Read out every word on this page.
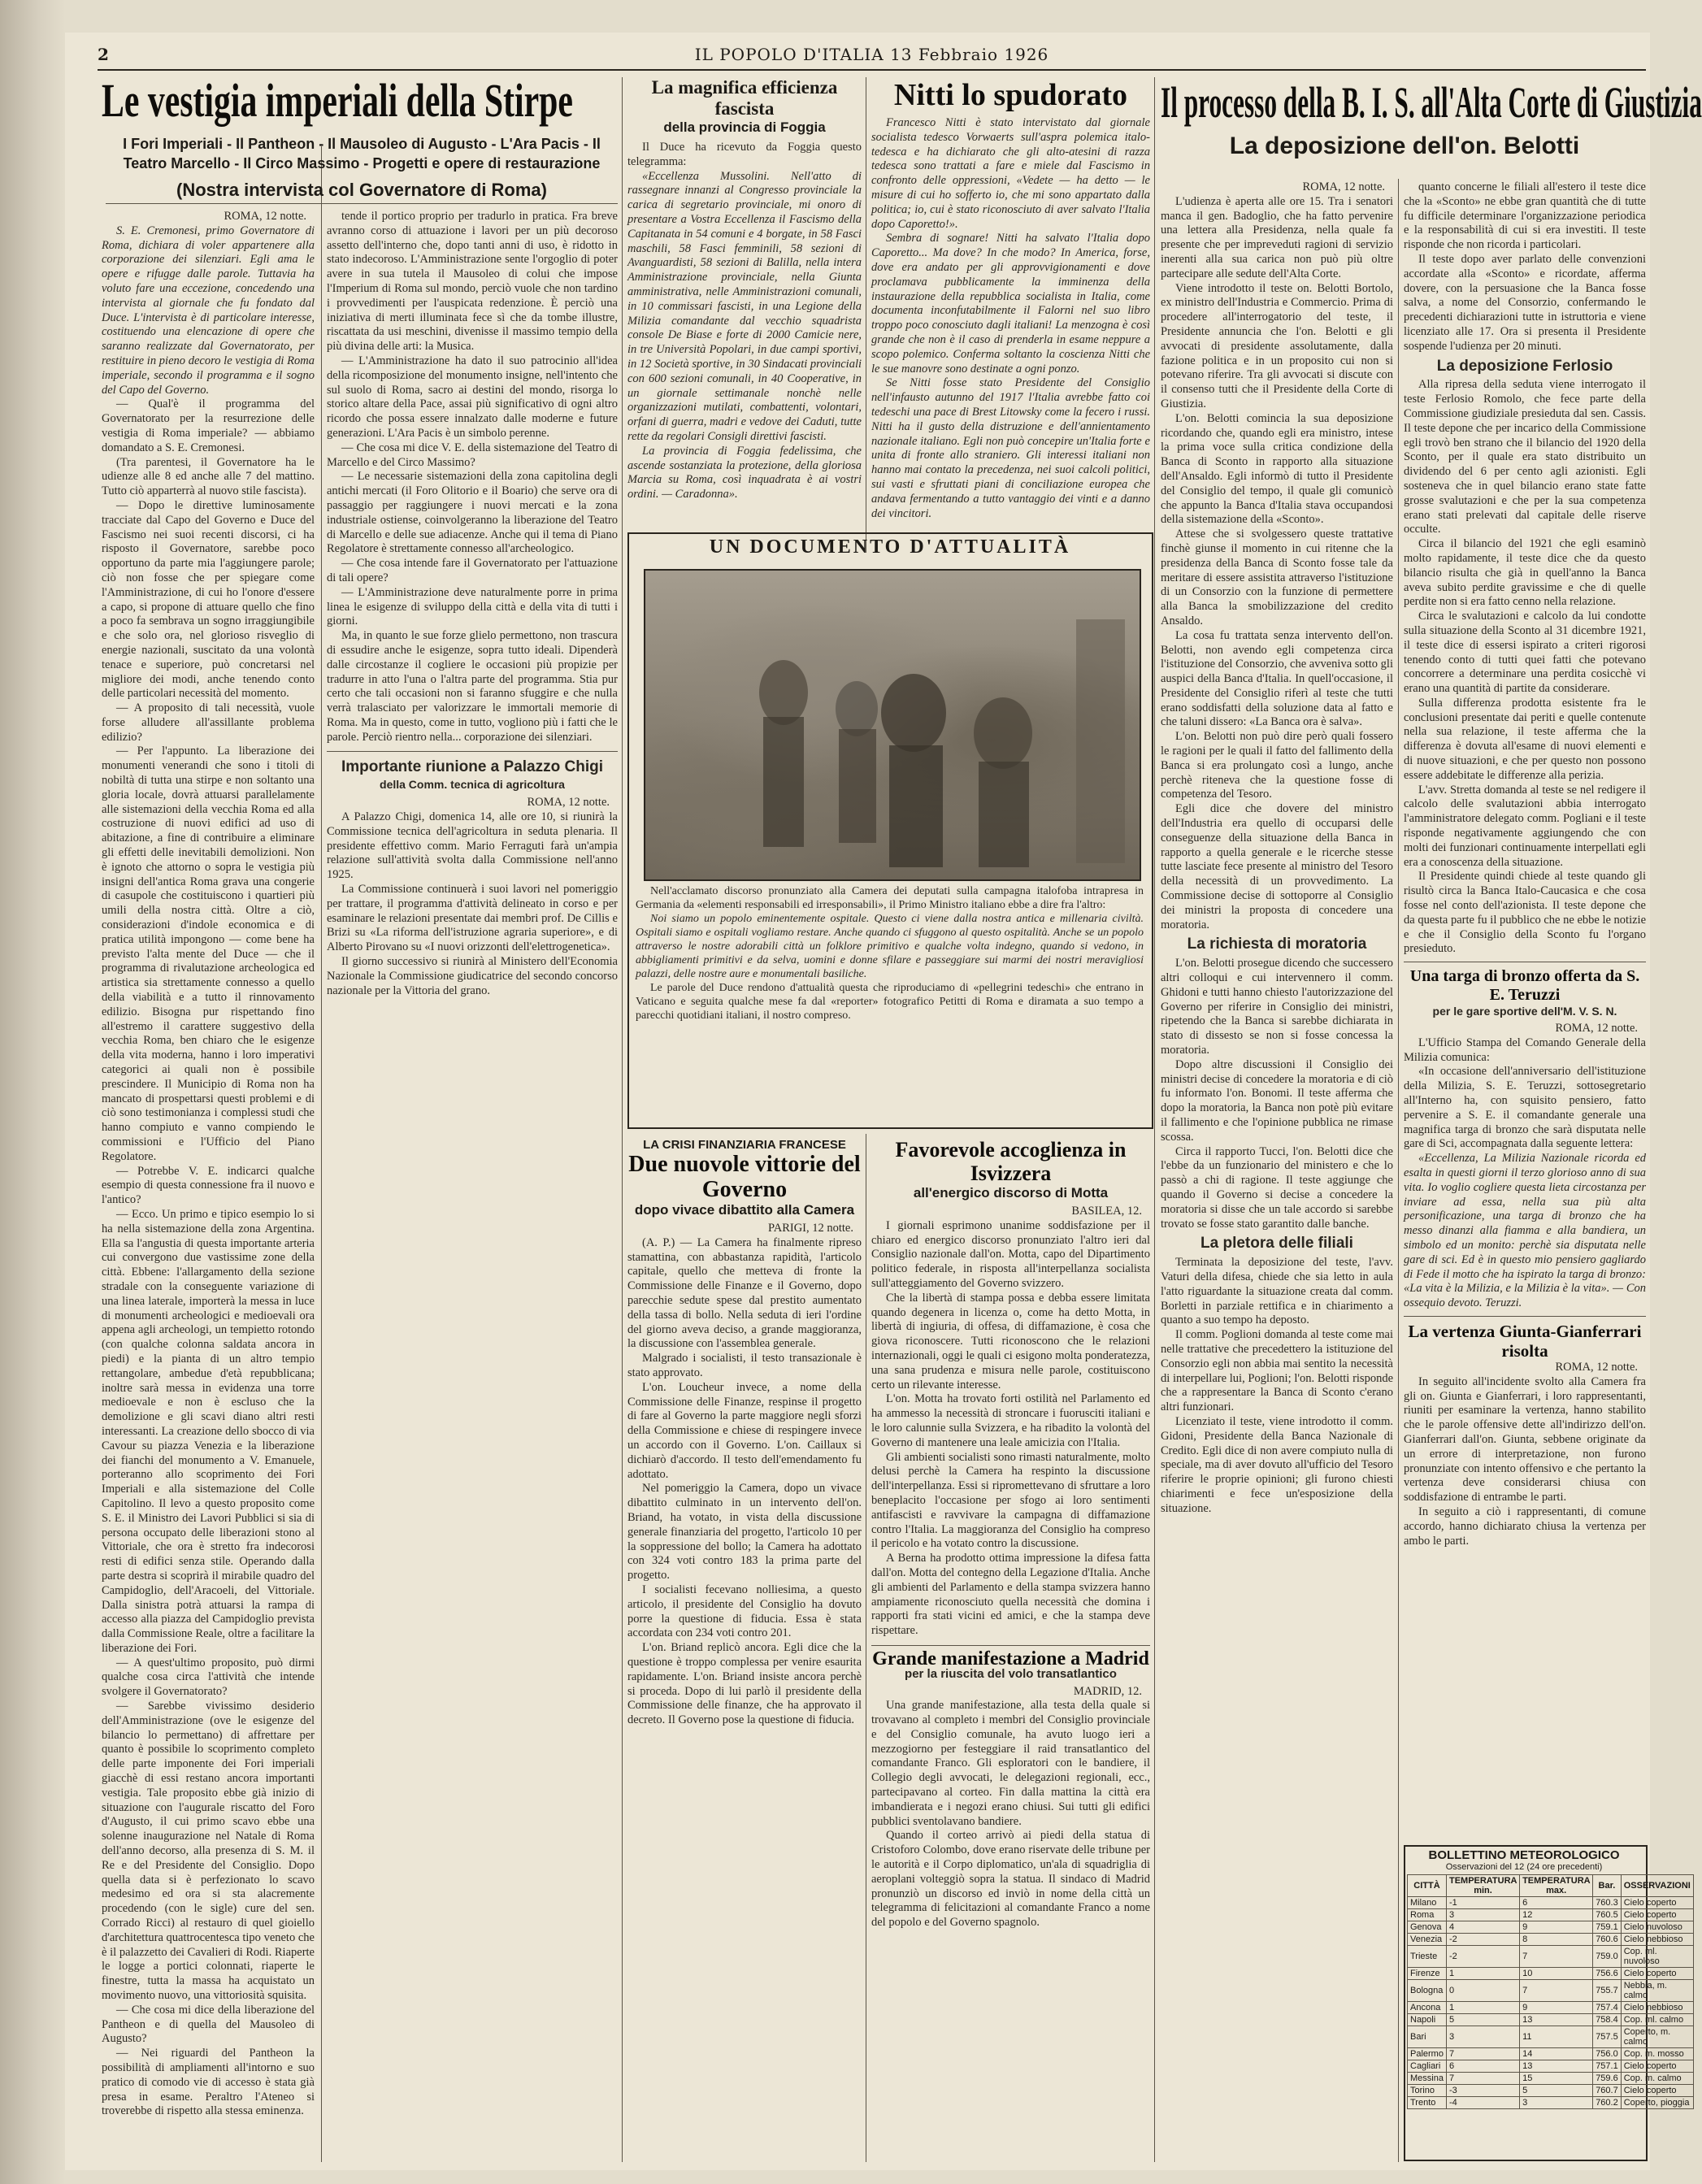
2	IL POPOLO D'ITALIA 13 Febbraio 1926
Le vestigia imperiali della Stirpe
I Fori Imperiali - Il Pantheon - Il Mausoleo di Augusto - L'Ara Pacis - Il Teatro Marcello - Il Circo Massimo - Progetti e opere di restaurazione
(Nostra intervista col Governatore di Roma)
ROMA, 12 notte.

S. E. Cremonesi, primo Governatore di Roma, dichiara di voler appartenere alla corporazione dei silenziari. Egli ama le opere e rifugge dalle parole. Tuttavia ha voluto fare una eccezione, concedendo una intervista al giornale che fu fondato dal Duce. L'intervista è di particolare interesse, costituendo una elencazione di opere che saranno realizzate dal Governatorato, per restituire in pieno decoro le vestigia di Roma imperiale, secondo il programma e il sogno del Capo del Governo.

— Qual'è il programma del Governatorato per la resurrezione delle vestigia di Roma imperiale? — abbiamo domandato a S. E. Cremonesi.

(Tra parentesi, il Governatore ha le udienze alle 8 ed anche alle 7 del mattino. Tutto ciò apparterrà al nuovo stile fascista).

— Dopo le direttive luminosamente tracciate dal Capo del Governo e Duce del Fascismo nei suoi recenti discorsi, ci ha risposto il Governatore, sarebbe poco opportuno da parte mia l'aggiungere parole; ciò non fosse che per spiegare come l'Amministrazione, di cui ho l'onore d'essere a capo, si propone di attuare quello che fino a poco fa sembrava un sogno irraggiungibile e che solo ora, nel glorioso risveglio di energie nazionali, suscitato da una volontà tenace e superiore, può concretarsi nel migliore dei modi, anche tenendo conto delle particolari necessità del momento.

— A proposito di tali necessità, vuole forse alludere all'assillante problema edilizio?

— Per l'appunto. La liberazione dei monumenti venerandi che sono i titoli di nobiltà di tutta una stirpe e non soltanto una gloria locale, dovrà attuarsi parallelamente alle sistemazioni della vecchia Roma ed alla costruzione di nuovi edifici ad uso di abitazione, a fine di contribuire a eliminare gli effetti delle inevitabili demolizioni. Non è ignoto che attorno o sopra le vestigia più insigni dell'antica Roma grava una congerie di casupole che costituiscono i quartieri più umili della nostra città. Oltre a ciò, considerazioni d'indole economica e di pratica utilità impongono — come bene ha previsto l'alta mente del Duce — che il programma di rivalutazione archeologica ed artistica sia strettamente connesso a quello della viabilità e a tutto il rinnovamento edilizio. Bisogna pur rispettando fino all'estremo il carattere suggestivo della vecchia Roma, ben chiaro che le esigenze della vita moderna, hanno i loro imperativi categorici ai quali non è possibile prescindere. Il Municipio di Roma non ha mancato di prospettarsi questi problemi e di ciò sono testimonianza i complessi studi che hanno compiuto e vanno compiendo le commissioni e l'Ufficio del Piano Regolatore.

— Potrebbe V. E. indicarci qualche esempio di questa connessione fra il nuovo e l'antico?

— Ecco. Un primo e tipico esempio lo si ha nella sistemazione della zona Argentina. Ella sa l'angustia di questa importante arteria cui convergono due vastissime zone della città. Ebbene: l'allargamento della sezione stradale con la conseguente variazione di una linea laterale, importerà la messa in luce di monumenti archeologici e medioevali ora appena agli archeologi, un tempietto rotondo (con qualche colonna saldata ancora in piedi) e la pianta di un altro tempio rettangolare, ambedue d'età repubblicana; inoltre sarà messa in evidenza una torre medioevale e non è escluso che la demolizione e gli scavi diano altri resti interessanti. La creazione dello sbocco di via Cavour su piazza Venezia e la liberazione dei fianchi del monumento a V. Emanuele, porteranno allo scoprimento dei Fori Imperiali e alla sistemazione del Colle Capitolino. Il levo a questo proposito come S. E. il Ministro dei Lavori Pubblici si sia di persona occupato delle liberazioni stono al Vittoriale, che ora è stretto fra indecorosi resti di edifici senza stile. Operando dalla parte destra si scoprirà il mirabile quadro del Campidoglio, dell'Aracoeli, del Vittoriale. Dalla sinistra potrà attuarsi la rampa di accesso alla piazza del Campidoglio prevista dalla Commissione Reale, oltre a facilitare la liberazione dei Fori.

— A quest'ultimo proposito, può dirmi qualche cosa circa l'attività che intende svolgere il Governatorato?

— Sarebbe vivissimo desiderio dell'Amministrazione (ove le esigenze del bilancio lo permettano) di affrettare per quanto è possibile lo scoprimento completo delle parte imponente dei Fori imperiali giacchè di essi restano ancora importanti vestigia. Tale proposito ebbe già inizio di situazione con l'augurale riscatto del Foro d'Augusto, il cui primo scavo ebbe una solenne inaugurazione nel Natale di Roma dell'anno decorso, alla presenza di S. M. il Re e del Presidente del Consiglio. Dopo quella data si è perfezionato lo scavo medesimo ed ora si sta alacremente procedendo (con le sigle) cure del sen. Corrado Ricci) al restauro di quel gioiello d'architettura quattrocentesca tipo veneto che è il palazzetto dei Cavalieri di Rodi. Riaperte le logge a portici colonnati, riaperte le finestre, tutta la massa ha acquistato un movimento nuovo, una vittoriosità squisita.

— Che cosa mi dice della liberazione del Pantheon e di quella del Mausoleo di Augusto?

— Nei riguardi del Pantheon la possibilità di ampliamenti all'intorno e suo pratico di comodo vie di accesso è stata già presa in esame. Peraltro l'Ateneo si troverebbe di rispetto alla stessa eminenza.

tende il portico proprio per tradurlo in pratica. Fra breve avranno corso di attuazione i lavori per un più decoroso assetto dell'interno che, dopo tanti anni di uso, è ridotto in stato indecoroso. L'Amministrazione sente l'orgoglio di poter avere in sua tutela il Mausoleo di colui che impose l'Imperium di Roma sul mondo, perciò vuole che non tardino i provvedimenti per l'auspicata redenzione. È perciò una iniziativa di merti illuminata fece sì che da tombe illustre, riscattata da usi meschini, divenisse il massimo tempio della più divina delle arti: la Musica.

— L'Amministrazione ha dato il suo patrocinio all'idea della ricomposizione del monumento insigne, nell'intento che sul suolo di Roma, sacro ai destini del mondo, risorga lo storico altare della Pace, assai più significativo di ogni altro ricordo che possa essere innalzato dalle moderne e future generazioni. L'Ara Pacis è un simbolo perenne.

— Che cosa mi dice V. E. della sistemazione del Teatro di Marcello e del Circo Massimo?

— Le necessarie sistemazioni della zona capitolina degli antichi mercati (il Foro Olitorio e il Boario) che serve ora di passaggio per raggiungere i nuovi mercati e la zona industriale ostiense, coinvolgeranno la liberazione del Teatro di Marcello e delle sue adiacenze. Anche qui il tema di Piano Regolatore è strettamente connesso all'archeologico.

— Che cosa intende fare il Governatorato per l'attuazione di tali opere?

— L'Amministrazione deve naturalmente porre in prima linea le esigenze di sviluppo della città e della vita di tutti i giorni.

Ma, in quanto le sue forze glielo permettono, non trascura di essudire anche le esigenze, sopra tutto ideali. Dipenderà dalle circostanze il cogliere le occasioni più propizie per tradurre in atto l'una o l'altra parte del programma. Stia pur certo che tali occasioni non si faranno sfuggire e che nulla verrà tralasciato per valorizzare le immortali memorie di Roma. Ma in questo, come in tutto, vogliono più i fatti che le parole. Perciò rientro nella... corporazione dei silenziari.

Importante riunione a Palazzo Chigi
della Comm. tecnica di agricoltura
ROMA, 12 notte.

A Palazzo Chigi, domenica 14, alle ore 10, si riunirà la Commissione tecnica dell'agricoltura in seduta plenaria. Il presidente effettivo comm. Mario Ferraguti farà un'ampia relazione sull'attività svolta dalla Commissione nell'anno 1925.

La Commissione continuerà i suoi lavori nel pomeriggio per trattare, il programma d'attività delineato in corso e per esaminare le relazioni presentate dai membri prof. De Cillis e Brizi su «La riforma dell'istruzione agraria superiore», e di Alberto Pirovano su «I nuovi orizzonti dell'elettrogenetica».

Il giorno successivo si riunirà al Ministero dell'Economia Nazionale la Commissione giudicatrice del secondo concorso nazionale per la Vittoria del grano.

La magnifica efficienza fascista
della provincia di Foggia

Il Duce ha ricevuto da Foggia questo telegramma:

«Eccellenza Mussolini. Nell'atto di rassegnare innanzi al Congresso provinciale la carica di segretario provinciale, mi onoro di presentare a Vostra Eccellenza il Fascismo della Capitanata in 54 comuni e 4 borgate, in 58 Fasci maschili, 58 Fasci femminili, 58 sezioni di Avanguardisti, 58 sezioni di Balilla, nella intera Amministrazione provinciale, nella Giunta amministrativa, nelle Amministrazioni comunali, in 10 commissari fascisti, in una Legione della Milizia comandante dal vecchio squadrista console De Biase e forte di 2000 Camicie nere, in tre Università Popolari, in due campi sportivi, in 12 Società sportive, in 30 Sindacati provinciali con 600 sezioni comunali, in 40 Cooperative, in un giornale settimanale nonchè nelle organizzazioni mutilati, combattenti, volontari, orfani di guerra, madri e vedove dei Caduti, tutte rette da regolari Consigli direttivi fascisti.

La provincia di Foggia fedelissima, che ascende sostanziata la protezione, della gloriosa Marcia su Roma, così inquadrata è ai vostri ordini. — Caradonna».

Nitti lo spudorato

Francesco Nitti è stato intervistato dal giornale socialista tedesco Vorwaerts sull'aspra polemica italo-tedesca e ha dichiarato che gli alto-atesini di razza tedesca sono trattati a fare e miele dal Fascismo in confronto delle oppressioni, «Vedete — ha detto — le misure di cui ho sofferto io, che mi sono appartato dalla politica; io, cui è stato riconosciuto di aver salvato l'Italia dopo Caporetto!».

Sembra di sognare! Nitti ha salvato l'Italia dopo Caporetto... Ma dove? In che modo? In America, forse, dove era andato per gli approvvigionamenti e dove proclamava pubblicamente la imminenza della instaurazione della repubblica socialista in Italia, come documenta inconfutabilmente il Falorni nel suo libro troppo poco conosciuto dagli italiani! La menzogna è così grande che non è il caso di prenderla in esame neppure a scopo polemico. Conferma soltanto la coscienza Nitti che le sue manovre sono destinate a ogni ponzo.

Se Nitti fosse stato Presidente del Consiglio nell'infausto autunno del 1917 l'Italia avrebbe fatto coi tedeschi una pace di Brest Litowsky come la fecero i russi. Nitti ha il gusto della distruzione e dell'annientamento nazionale italiano. Egli non può concepire un'Italia forte e unita di fronte allo straniero. Gli interessi italiani non hanno mai contato la precedenza, nei suoi calcoli politici, sui vasti e sfruttati piani di conciliazione europea che andava fermentando a tutto vantaggio dei vinti e a danno dei vincitori.

UN DOCUMENTO D'ATTUALITÀ

Nell'acclamato discorso pronunziato alla Camera dei deputati sulla campagna italofoba intrapresa in Germania da «elementi responsabili ed irresponsabili», il Primo Ministro italiano ebbe a dire fra l'altro:

Noi siamo un popolo eminentemente ospitale. Questo ci viene dalla nostra antica e millenaria civiltà. Ospitali siamo e ospitali vogliamo restare. Anche quando ci sfuggono al questo ospitalità. Anche se un popolo attraverso le nostre adorabili città un folklore primitivo e qualche volta indegno, quando si vedono, in abbigliamenti primitivi e da selva, uomini e donne sfilare e passeggiare sui marmi dei nostri meravigliosi palazzi, delle nostre aure e monumentali basiliche.

Le parole del Duce rendono d'attualità questa che riproduciamo di «pellegrini tedeschi» che entrano in Vaticano e seguita qualche mese fa dal «reporter» fotografico Petitti di Roma e diramata a suo tempo a parecchi quotidiani italiani, il nostro compreso.

LA CRISI FINANZIARIA FRANCESE
Due nuovole vittorie del Governo
dopo vivace dibattito alla Camera
PARIGI, 12 notte.

(A. P.) — La Camera ha finalmente ripreso stamattina, con abbastanza rapidità, l'articolo capitale, quello che metteva di fronte la Commissione delle Finanze e il Governo, dopo parecchie sedute spese dal prestito aumentato della tassa di bollo. Nella seduta di ieri l'ordine del giorno aveva deciso, a grande maggioranza, la discussione con l'assemblea generale.

Malgrado i socialisti, il testo transazionale è stato approvato.

L'on. Loucheur invece, a nome della Commissione delle Finanze, respinse il progetto di fare al Governo la parte maggiore negli sforzi della Commissione e chiese di respingere invece un accordo con il Governo. L'on. Caillaux si dichiarò d'accordo. Il testo dell'emendamento fu adottato.

Nel pomeriggio la Camera, dopo un vivace dibattito culminato in un intervento dell'on. Briand, ha votato, in vista della discussione generale finanziaria del progetto, l'articolo 10 per la soppressione del bollo; la Camera ha adottato con 324 voti contro 183 la prima parte del progetto.

I socialisti fecevano nolliesima, a questo articolo, il presidente del Consiglio ha dovuto porre la questione di fiducia. Essa è stata accordata con 234 voti contro 201.

L'on. Briand replicò ancora. Egli dice che la questione è troppo complessa per venire esaurita rapidamente. L'on. Briand insiste ancora perchè si proceda. Dopo di lui parlò il presidente della Commissione delle finanze, che ha approvato il decreto. Il Governo pose la questione di fiducia.

Favorevole accoglienza in Isvizzera
all'energico discorso di Motta
BASILEA, 12.

I giornali esprimono unanime soddisfazione per il chiaro ed energico discorso pronunziato l'altro ieri dal Consiglio nazionale dall'on. Motta, capo del Dipartimento politico federale, in risposta all'interpellanza socialista sull'atteggiamento del Governo svizzero.

Che la libertà di stampa possa e debba essere limitata quando degenera in licenza o, come ha detto Motta, in libertà di ingiuria, di offesa, di diffamazione, è cosa che giova riconoscere. Tutti riconoscono che le relazioni internazionali, oggi le quali ci esigono molta ponderatezza, una sana prudenza e misura nelle parole, costituiscono certo un rilevante interesse.

L'on. Motta ha trovato forti ostilità nel Parlamento ed ha ammesso la necessità di stroncare i fuorusciti italiani e le loro calunnie sulla Svizzera, e ha ribadito la volontà del Governo di mantenere una leale amicizia con l'Italia.

Gli ambienti socialisti sono rimasti naturalmente, molto delusi perchè la Camera ha respinto la discussione dell'interpellanza. Essi si ripromettevano di sfruttare a loro beneplacito l'occasione per sfogo ai loro sentimenti antifascisti e ravvivare la campagna di diffamazione contro l'Italia. La maggioranza del Consiglio ha compreso il pericolo e ha votato contro la discussione.

A Berna ha prodotto ottima impressione la difesa fatta dall'on. Motta del contegno della Legazione d'Italia. Anche gli ambienti del Parlamento e della stampa svizzera hanno ampiamente riconosciuto quella necessità che domina i rapporti fra stati vicini ed amici, e che la stampa deve rispettare.

Grande manifestazione a Madrid
per la riuscita del volo transatlantico
MADRID, 12.

Una grande manifestazione, alla testa della quale si trovavano al completo i membri del Consiglio provinciale e del Consiglio comunale, ha avuto luogo ieri a mezzogiorno per festeggiare il raid transatlantico del comandante Franco. Gli esploratori con le bandiere, il Collegio degli avvocati, le delegazioni regionali, ecc., partecipavano al corteo. Fin dalla mattina la città era imbandierata e i negozi erano chiusi. Sui tutti gli edifici pubblici sventolavano bandiere.

Quando il corteo arrivò ai piedi della statua di Cristoforo Colombo, dove erano riservate delle tribune per le autorità e il Corpo diplomatico, un'ala di squadriglia di aeroplani volteggiò sopra la statua. Il sindaco di Madrid pronunziò un discorso ed inviò in nome della città un telegramma di felicitazioni al comandante Franco a nome del popolo e del Governo spagnolo.

Il processo della B. I. S. all'Alta Corte di Giustizia
La deposizione dell'on. Belotti
ROMA, 12 notte.

L'udienza è aperta alle ore 15. Tra i senatori manca il gen. Badoglio, che ha fatto pervenire una lettera alla Presidenza, nella quale fa presente che per impreveduti ragioni di servizio inerenti alla sua carica non può più oltre partecipare alle sedute dell'Alta Corte.

Viene introdotto il teste on. Belotti Bortolo, ex ministro dell'Industria e Commercio. Prima di procedere all'interrogatorio del teste, il Presidente annuncia che l'on. Belotti e gli avvocati di presidente assolutamente, dalla fazione politica e in un proposito cui non si potevano riferire. Tra gli avvocati si discute con il consenso tutti che il Presidente della Corte di Giustizia.

L'on. Belotti comincia la sua deposizione ricordando che, quando egli era ministro, intese la prima voce sulla critica condizione della Banca di Sconto in rapporto alla situazione dell'Ansaldo. Egli informò di tutto il Presidente del Consiglio del tempo, il quale gli comunicò che appunto la Banca d'Italia stava occupandosi della sistemazione della «Sconto».

Attese che si svolgessero queste trattative finchè giunse il momento in cui ritenne che la presidenza della Banca di Sconto fosse tale da meritare di essere assistita attraverso l'istituzione di un Consorzio con la funzione di permettere alla Banca la smobilizzazione del credito Ansaldo.

La cosa fu trattata senza intervento dell'on. Belotti, non avendo egli competenza circa l'istituzione del Consorzio, che avveniva sotto gli auspici della Banca d'Italia. In quell'occasione, il Presidente del Consiglio riferì al teste che tutti erano soddisfatti della soluzione data al fatto e che taluni dissero: «La Banca ora è salva».

L'on. Belotti non può dire però quali fossero le ragioni per le quali il fatto del fallimento della Banca si era prolungato così a lungo, anche perchè riteneva che la questione fosse di competenza del Tesoro.

Egli dice che dovere del ministro dell'Industria era quello di occuparsi delle conseguenze della situazione della Banca in rapporto a quella generale e le ricerche stesse tutte lasciate fece presente al ministro del Tesoro della necessità di un provvedimento. La Commissione decise di sottoporre al Consiglio dei ministri la proposta di concedere una moratoria.

La richiesta di moratoria

L'on. Belotti prosegue dicendo che successero altri colloqui e cui intervennero il comm. Ghidoni e tutti hanno chiesto l'autorizzazione del Governo per riferire in Consiglio dei ministri, ripetendo che la Banca si sarebbe dichiarata in stato di dissesto se non si fosse concessa la moratoria.

Dopo altre discussioni il Consiglio dei ministri decise di concedere la moratoria e di ciò fu informato l'on. Bonomi. Il teste afferma che dopo la moratoria, la Banca non potè più evitare il fallimento e che l'opinione pubblica ne rimase scossa.

Circa il rapporto Tucci, l'on. Belotti dice che l'ebbe da un funzionario del ministero e che lo passò a chi di ragione. Il teste aggiunge che quando il Governo si decise a concedere la moratoria si disse che un tale accordo si sarebbe trovato se fosse stato garantito dalle banche.

La pletora delle filiali

Terminata la deposizione del teste, l'avv. Vaturi della difesa, chiede che sia letto in aula l'atto riguardante la situazione creata dal comm. Borletti in parziale rettifica e in chiarimento a quanto a suo tempo ha deposto.

Il comm. Poglioni domanda al teste come mai nelle trattative che precedettero la istituzione del Consorzio egli non abbia mai sentito la necessità di interpellare lui, Poglioni; l'on. Belotti risponde che a rappresentare la Banca di Sconto c'erano altri funzionari.

Licenziato il teste, viene introdotto il comm. Gidoni, Presidente della Banca Nazionale di Credito. Egli dice di non avere compiuto nulla di speciale, ma di aver dovuto all'ufficio del Tesoro riferire le proprie opinioni; gli furono chiesti chiarimenti e fece un'esposizione della situazione.

quanto concerne le filiali all'estero il teste dice che la «Sconto» ne ebbe gran quantità che di tutte fu difficile determinare l'organizzazione periodica e la responsabilità di cui si era investiti. Il teste risponde che non ricorda i particolari.

Il teste dopo aver parlato delle convenzioni accordate alla «Sconto» e ricordate, afferma dovere, con la persuasione che la Banca fosse salva, a nome del Consorzio, confermando le precedenti dichiarazioni tutte in istruttoria e viene licenziato alle 17. Ora si presenta il Presidente sospende l'udienza per 20 minuti.

La deposizione Ferlosio

Alla ripresa della seduta viene interrogato il teste Ferlosio Romolo, che fece parte della Commissione giudiziale presieduta dal sen. Cassis. Il teste depone che per incarico della Commissione egli trovò ben strano che il bilancio del 1920 della Sconto, per il quale era stato distribuito un dividendo del 6 per cento agli azionisti. Egli sosteneva che in quel bilancio erano state fatte grosse svalutazioni e che per la sua competenza erano stati prelevati dal capitale delle riserve occulte.

Circa il bilancio del 1921 che egli esaminò molto rapidamente, il teste dice che da questo bilancio risulta che già in quell'anno la Banca aveva subito perdite gravissime e che di quelle perdite non si era fatto cenno nella relazione.

Circa le svalutazioni e calcolo da lui condotte sulla situazione della Sconto al 31 dicembre 1921, il teste dice di essersi ispirato a criteri rigorosi tenendo conto di tutti quei fatti che potevano concorrere a determinare una perdita cosicchè vi erano una quantità di partite da considerare.

Sulla differenza prodotta esistente fra le conclusioni presentate dai periti e quelle contenute nella sua relazione, il teste afferma che la differenza è dovuta all'esame di nuovi elementi e di nuove situazioni, e che per questo non possono essere addebitate le differenze alla perizia.

L'avv. Stretta domanda al teste se nel redigere il calcolo delle svalutazioni abbia interrogato l'amministratore delegato comm. Pogliani e il teste risponde negativamente aggiungendo che con molti dei funzionari continuamente interpellati egli era a conoscenza della situazione.

Il Presidente quindi chiede al teste quando gli risultò circa la Banca Italo-Caucasica e che cosa fosse nel conto dell'azionista. Il teste depone che da questa parte fu il pubblico che ne ebbe le notizie e che il Consiglio della Sconto fu l'organo presieduto.

Una targa di bronzo offerta da S. E. Teruzzi
per le gare sportive dell'M. V. S. N.
ROMA, 12 notte.

L'Ufficio Stampa del Comando Generale della Milizia comunica:

«In occasione dell'anniversario dell'istituzione della Milizia, S. E. Teruzzi, sottosegretario all'Interno ha, con squisito pensiero, fatto pervenire a S. E. il comandante generale una magnifica targa di bronzo che sarà disputata nelle gare di Sci, accompagnata dalla seguente lettera:

«Eccellenza, La Milizia Nazionale ricorda ed esalta in questi giorni il terzo glorioso anno di sua vita. Io voglio cogliere questa lieta circostanza per inviare ad essa, nella sua più alta personificazione, una targa di bronzo che ha messo dinanzi alla fiamma e alla bandiera, un simbolo ed un monito: perchè sia disputata nelle gare di sci. Ed è in questo mio pensiero gagliardo di Fede il motto che ha ispirato la targa di bronzo: «La vita è la Milizia, e la Milizia è la vita». — Con ossequio devoto. Teruzzi.

La vertenza Giunta-Gianferrari risolta
ROMA, 12 notte.

In seguito all'incidente svolto alla Camera fra gli on. Giunta e Gianferrari, i loro rappresentanti, riuniti per esaminare la vertenza, hanno stabilito che le parole offensive dette all'indirizzo dell'on. Gianferrari dall'on. Giunta, sebbene originate da un errore di interpretazione, non furono pronunziate con intento offensivo e che pertanto la vertenza deve considerarsi chiusa con soddisfazione di entrambe le parti.

In seguito a ciò i rappresentanti, di comune accordo, hanno dichiarato chiusa la vertenza per ambo le parti.

BOLLETTINO METEOROLOGICO
Osservazioni del 12 (24 ore precedenti)
CITTÀ	TEMPERATURA min.	TEMPERATURA max.	Bar.	OSSERVAZIONI
Milano	-1	6	760.3	Cielo coperto
Roma	3	12	760.5	Cielo coperto
Genova	4	9	759.1	Cielo nuvoloso
Venezia	-2	8	760.6	Cielo nebbioso
Trieste	-2	7	759.0	Cop. ml. nuvoloso
Firenze	1	10	756.6	Cielo coperto
Bologna	0	7	755.7	Nebbia, m. calmo
Ancona	1	9	757.4	Cielo nebbioso
Napoli	5	13	758.4	Cop. ml. calmo
Bari	3	11	757.5	Coperto, m. calmo
Palermo	7	14	756.0	Cop. m. mosso
Cagliari	6	13	757.1	Cielo coperto
Messina	7	15	759.6	Cop. m. calmo
Torino	-3	5	760.7	Cielo coperto
Trento	-4	3	760.2	Coperto, pioggia
